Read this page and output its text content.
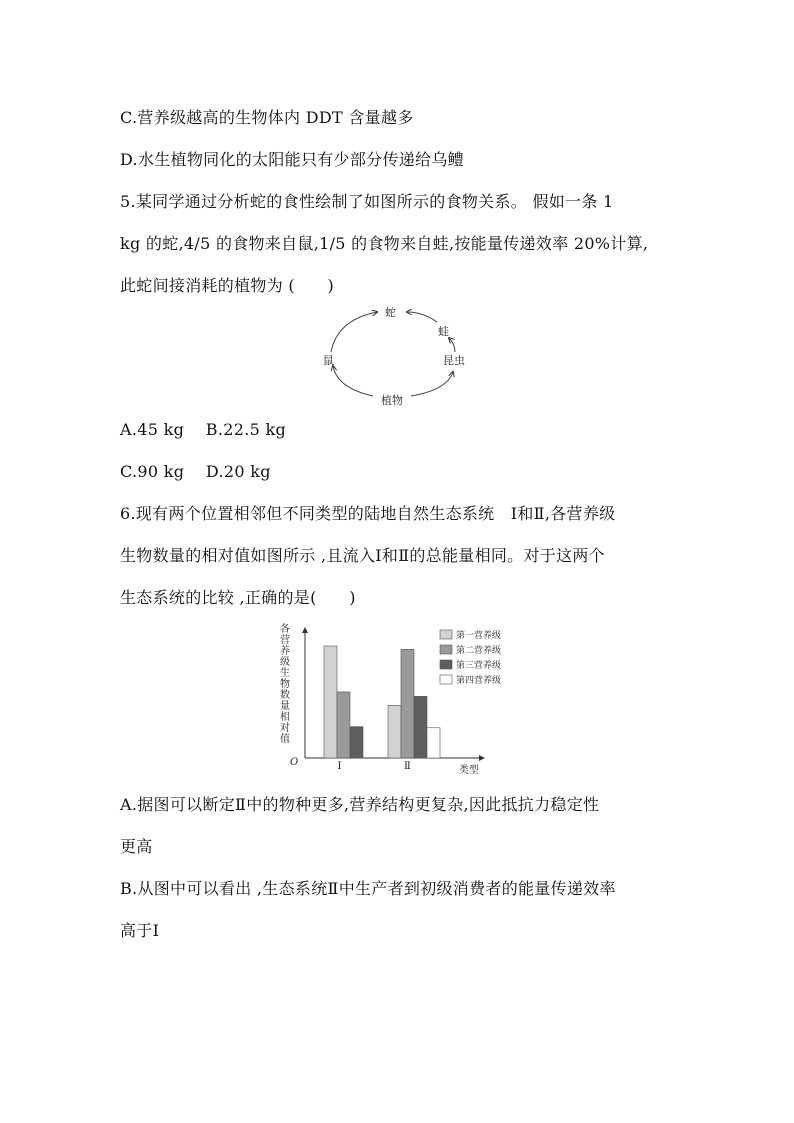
C.营养级越高的生物体内 DDT 含量越多
D.水生植物同化的太阳能只有少部分传递给乌鳢
5.某同学通过分析蛇的食性绘制了如图所示的食物关系。 假如一条 1
kg 的蛇,4/5 的食物来自鼠,1/5 的食物来自蛙,按能量传递效率 20%计算,
此蛇间接消耗的植物为 (　　)
蛇
蛙
鼠	昆虫
植物
A.45 kg　 B.22.5 kg
C.90 kg　 D.20 kg
6.现有两个位置相邻但不同类型的陆地自然生态系统　Ⅰ和Ⅱ,各营养级
生物数量的相对值如图所示 ,且流入Ⅰ和Ⅱ的总能量相同。对于这两个
生态系统的比较 ,正确的是(　　)
各
营
养
级
生
物
数
量
相
对
值
O
类型
Ⅰ	Ⅱ
第一营养级
第二营养级
第三营养级
第四营养级
A.据图可以断定Ⅱ中的物种更多,营养结构更复杂,因此抵抗力稳定性
更高
B.从图中可以看出 ,生态系统Ⅱ中生产者到初级消费者的能量传递效率
高于Ⅰ
